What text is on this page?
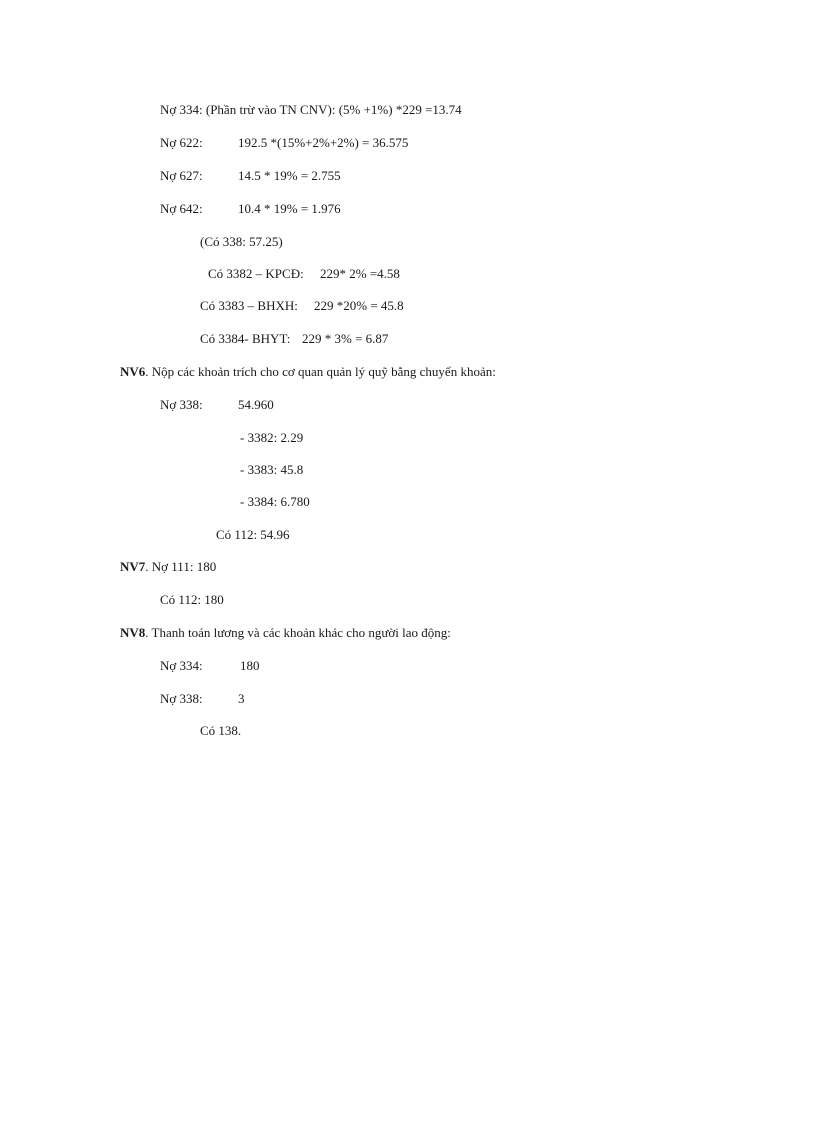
Nợ 334: (Phần trừ vào TN CNV): (5% +1%) *229 =13.74
Nợ 622:	192.5 *(15%+2%+2%) = 36.575
Nợ 627:	14.5 * 19% = 2.755
Nợ 642:	10.4 * 19% = 1.976
(Có 338: 57.25)
Có 3382 – KPCĐ: 229* 2% =4.58
Có 3383 – BHXH: 229 *20% = 45.8
Có 3384- BHYT: 229 * 3% = 6.87
NV6. Nộp các khoản trích cho cơ quan quản lý quỹ bằng chuyển khoản:
Nợ 338:	54.960
- 3382: 2.29
- 3383: 45.8
- 3384: 6.780
Có 112: 54.96
NV7. Nợ 111: 180
Có 112: 180
NV8. Thanh toán lương và các khoản khác cho người lao động:
Nợ 334:	180
Nợ 338:	3
Có 138.
